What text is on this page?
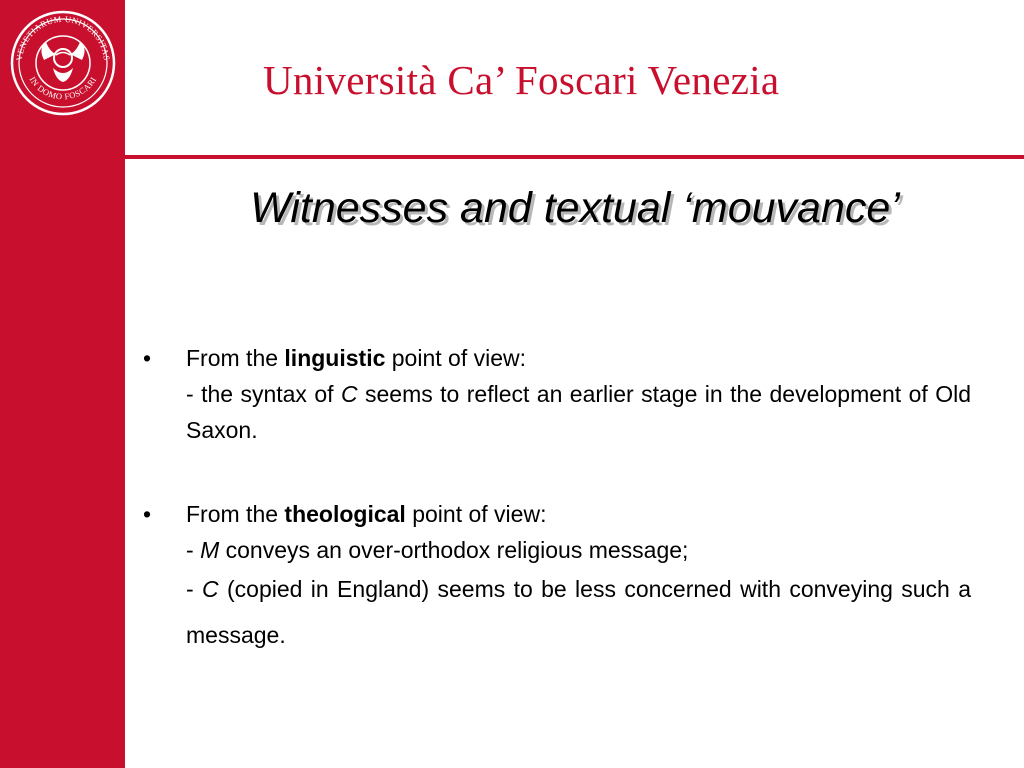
VENETIARUM UNIVERSITAS
IN DOMO FOSCARI	Università Ca’ Foscari Venezia
Witnesses and textual ‘mouvance’
•	From the linguistic point of view:
- the syntax of C seems to reflect an earlier stage in the development of Old Saxon.
•	From the theological point of view:
- M conveys an over-orthodox religious message;
- C (copied in England) seems to be less concerned with conveying such a message.
